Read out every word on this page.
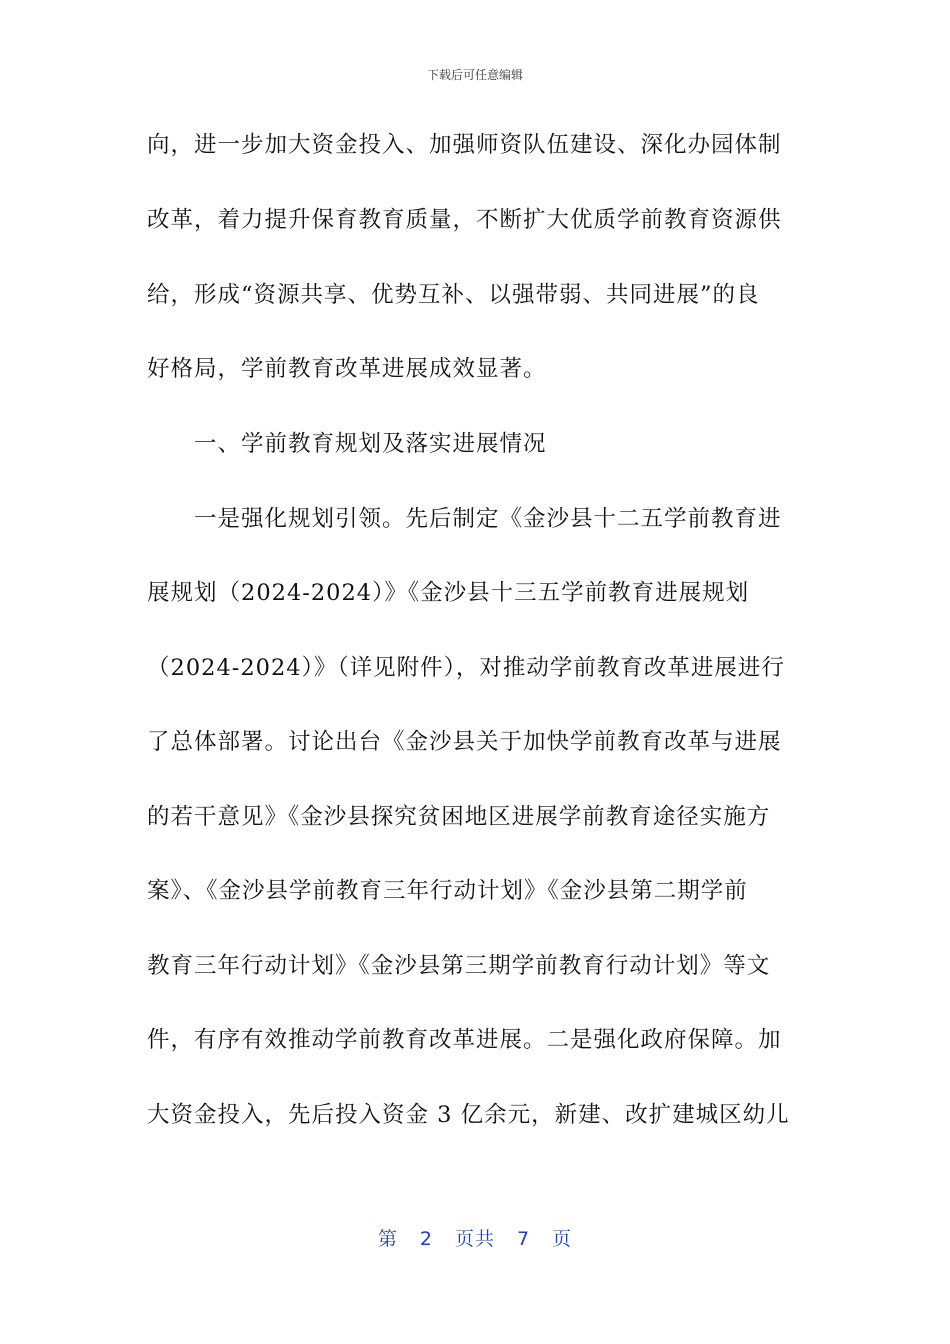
下载后可任意编辑
向，进一步加大资金投入、加强师资队伍建设、深化办园体制
改革，着力提升保育教育质量，不断扩大优质学前教育资源供
给，形成“资源共享、优势互补、以强带弱、共同进展”的良
好格局，学前教育改革进展成效显著。
一、学前教育规划及落实进展情况
一是强化规划引领。先后制定《金沙县十二五学前教育进
展规划（2024-2024）》《金沙县十三五学前教育进展规划
（2024-2024）》（详见附件），对推动学前教育改革进展进行
了总体部署。讨论出台《金沙县关于加快学前教育改革与进展
的若干意见》《金沙县探究贫困地区进展学前教育途径实施方
案》、《金沙县学前教育三年行动计划》《金沙县第二期学前
教育三年行动计划》《金沙县第三期学前教育行动计划》等文
件，有序有效推动学前教育改革进展。二是强化政府保障。加
大资金投入，先后投入资金 3 亿余元，新建、改扩建城区幼儿
第 2 页共 7 页
